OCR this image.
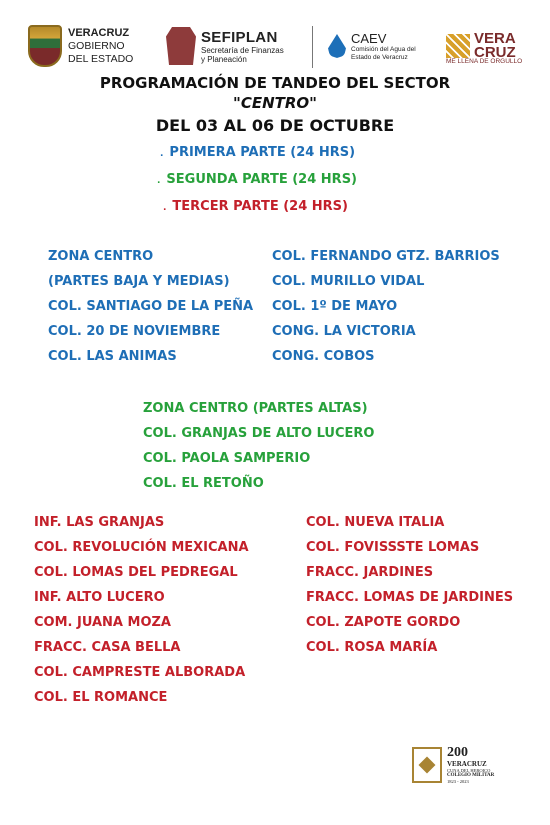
VERACRUZ
GOBIERNO
DEL ESTADO
SEFIPLAN
Secretaría de Finanzas
y Planeación
CAEV
Comisión del Agua del
Estado de Veracruz
VERA
CRUZ
ME LLENA DE ORGULLO
PROGRAMACIÓN DE TANDEO DEL SECTOR
"CENTRO"
DEL 03 AL 06 DE OCTUBRE
. PRIMERA PARTE (24 HRS)
. SEGUNDA PARTE (24 HRS)
. TERCER PARTE (24 HRS)
ZONA CENTRO
(PARTES BAJA Y MEDIAS)
COL. SANTIAGO DE LA PEÑA
COL. 20 DE NOVIEMBRE
COL. LAS ANIMAS
COL. FERNANDO GTZ. BARRIOS
COL. MURILLO VIDAL
COL. 1º DE MAYO
CONG. LA VICTORIA
CONG. COBOS
ZONA CENTRO (PARTES ALTAS)
COL. GRANJAS DE ALTO LUCERO
COL. PAOLA SAMPERIO
COL. EL RETOÑO
INF. LAS GRANJAS
COL. REVOLUCIÓN MEXICANA
COL. LOMAS DEL PEDREGAL
INF. ALTO LUCERO
COM. JUANA MOZA
FRACC. CASA BELLA
COL. CAMPRESTE ALBORADA
COL. EL ROMANCE
COL. NUEVA ITALIA
COL. FOVISSSTE LOMAS
FRACC. JARDINES
FRACC. LOMAS DE JARDINES
COL. ZAPOTE GORDO
COL. ROSA MARÍA
200
VERACRUZ
CUNA DEL HEROICO
COLEGIO MILITAR
1823 - 2023
